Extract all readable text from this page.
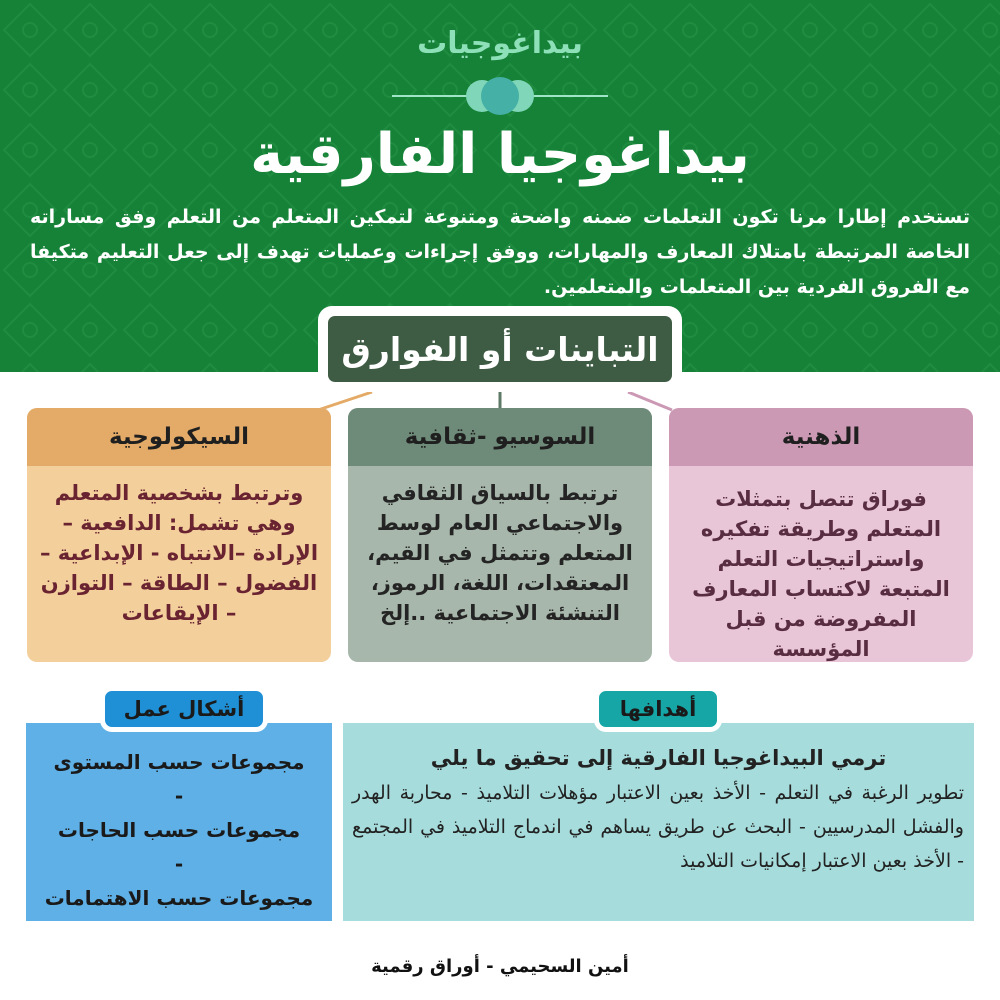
بيداغوجيات
بيداغوجيا الفارقية
تستخدم إطارا مرنا تكون التعلمات ضمنه واضحة ومتنوعة لتمكين المتعلم من التعلم وفق مساراته الخاصة المرتبطة بامتلاك المعارف والمهارات، ووفق إجراءات وعمليات تهدف إلى جعل التعليم متكيفا مع الفروق الفردية بين المتعلمات والمتعلمين.
التباينات أو الفوارق
الذهنية
فوراق تتصل بتمثلات المتعلم وطريقة تفكيره واستراتيجيات التعلم المتبعة لاكتساب المعارف المفروضة من قبل المؤسسة
السوسيو -ثقافية
ترتبط بالسياق الثقافي والاجتماعي العام لوسط المتعلم وتتمثل في القيم، المعتقدات، اللغة، الرموز، التنشئة الاجتماعية ..إلخ
السيكولوجية
وترتبط بشخصية المتعلم وهي تشمل: الدافعية – الإرادة –الانتباه - الإبداعية – الفضول – الطاقة – التوازن – الإيقاعات
أهدافها
أشكال عمل
ترمي البيداغوجيا الفارقية إلى تحقيق ما يلي
تطوير الرغبة في التعلم - الأخذ بعين الاعتبار مؤهلات التلاميذ - محاربة الهدر والفشل المدرسيين - البحث عن طريق يساهم في اندماج التلاميذ في المجتمع - الأخذ بعين الاعتبار إمكانيات التلاميذ
مجموعات حسب المستوى
-
مجموعات حسب الحاجات
-
مجموعات حسب الاهتمامات
أمين السحيمي - أوراق رقمية
